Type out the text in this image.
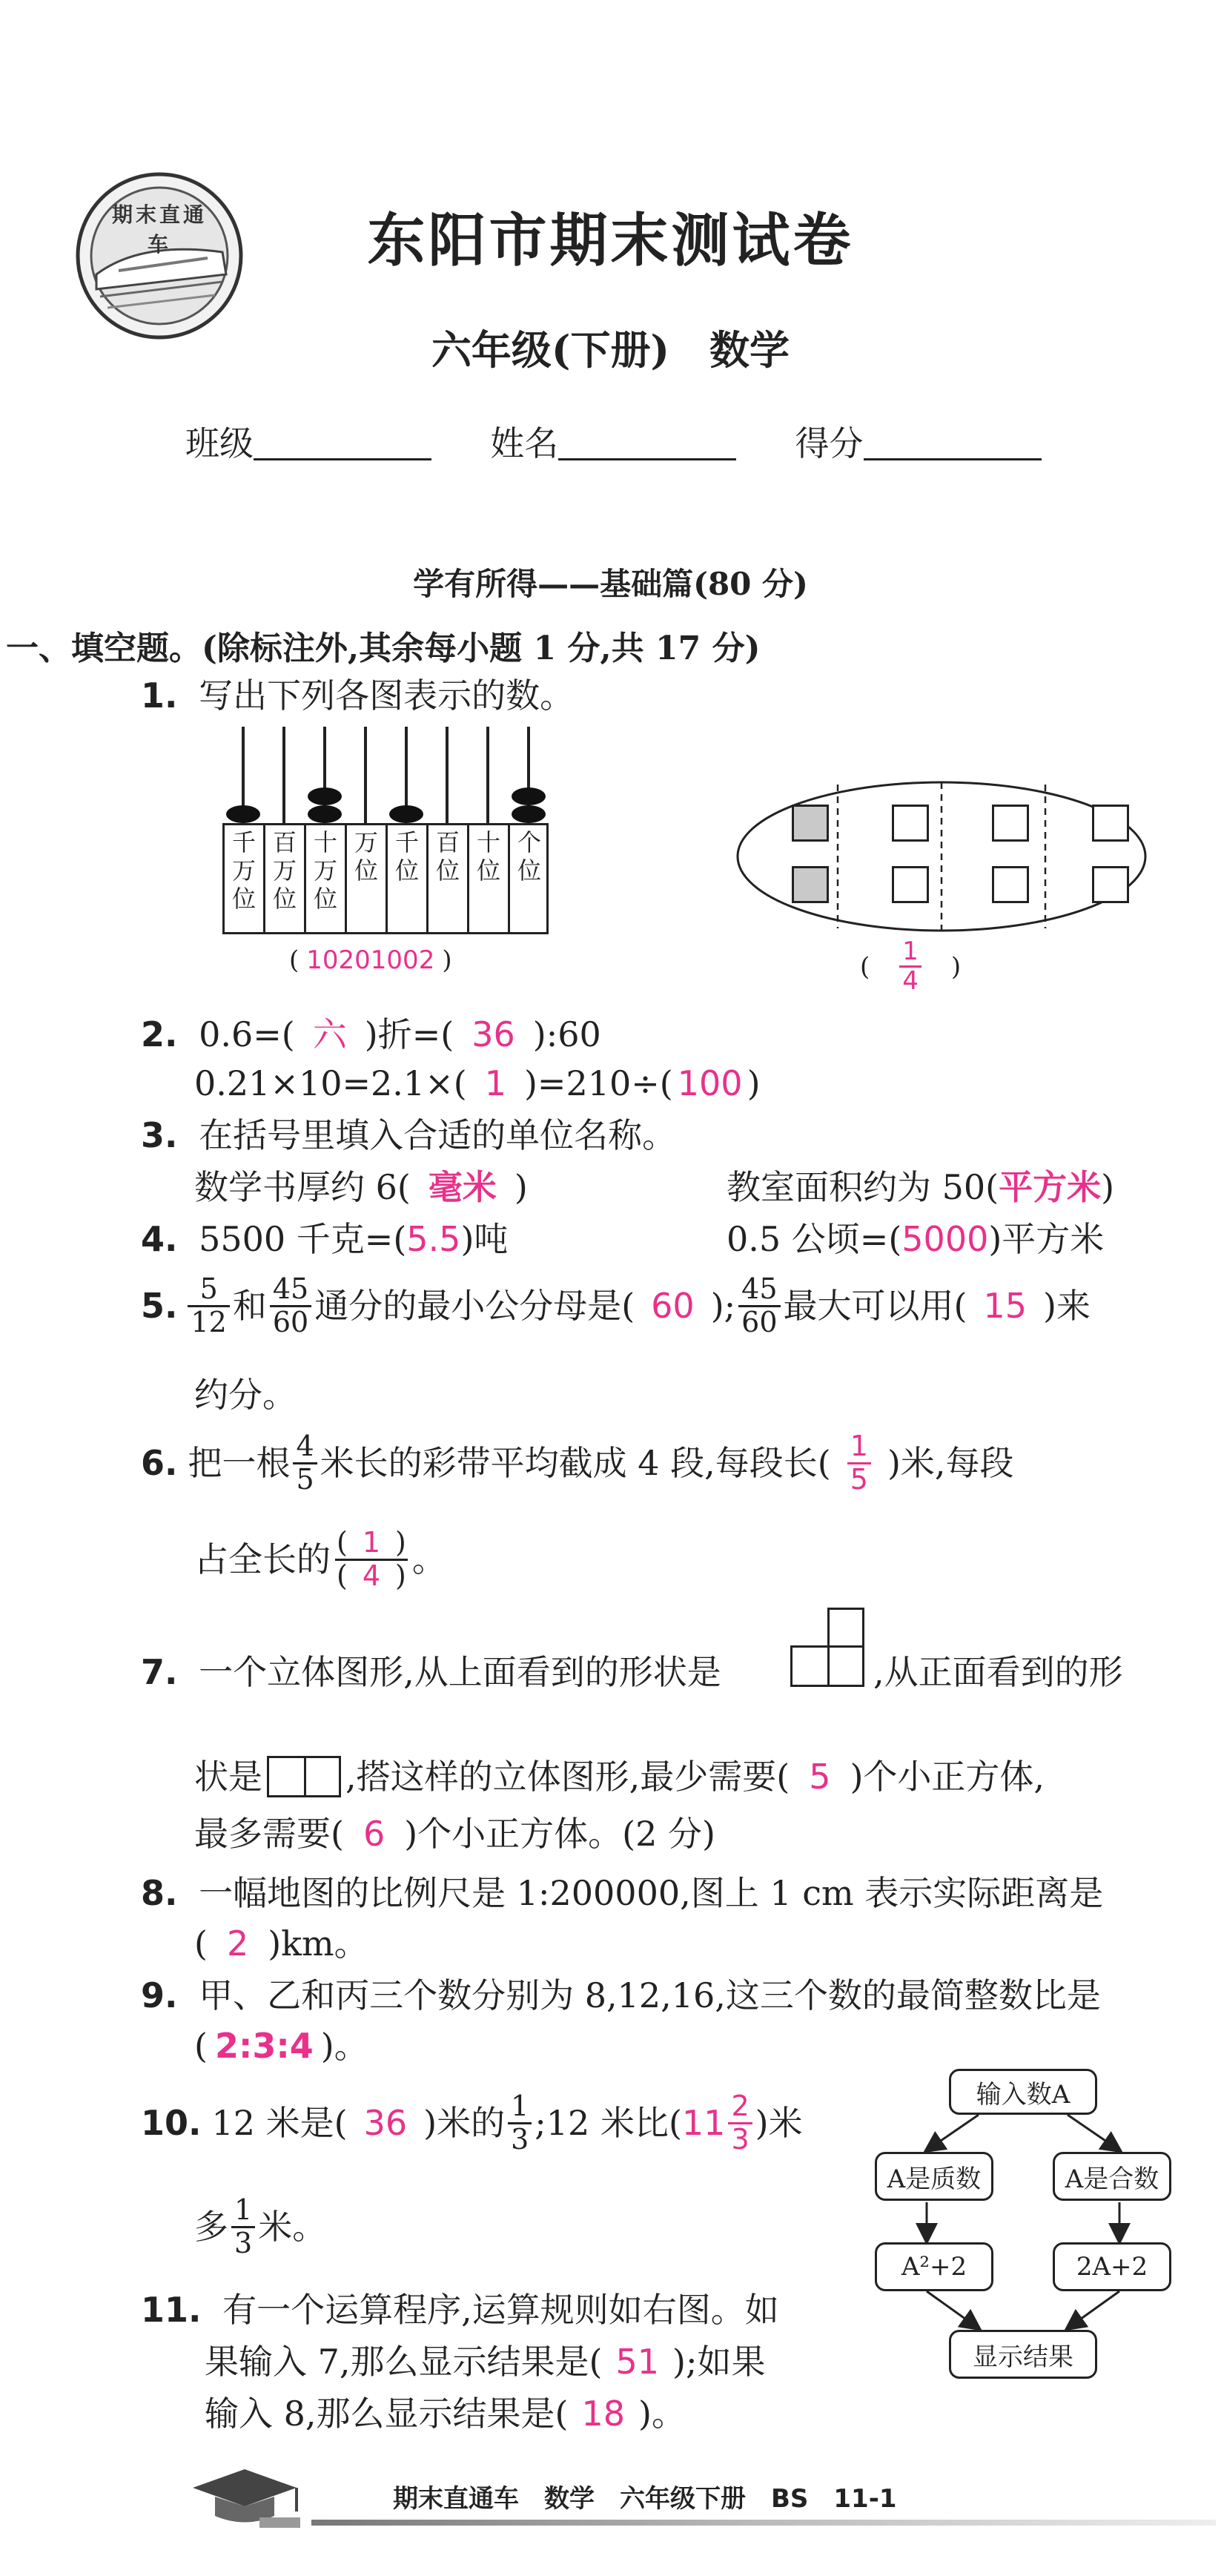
期末直通车	东阳市期末测试卷
六年级(下册)　数学
班级	姓名	得分
学有所得——基础篇(80 分)
一、填空题。(除标注外,其余每小题 1 分,共 17 分)
1. 写出下列各图表示的数。
千
万
位
百
万
位
十
万
位
万
位
千
位
百
位
十
位
个
位
( 10201002 )	( $\frac{1}{4}$ )
2. 0.6=( 六 )折=( 36 ):60
0.21×10=2.1×( 1 )=210÷( 100 )
3. 在括号里填入合适的单位名称。
数学书厚约 6( 毫米 )	教室面积约为 50(平方米)
4. 5500 千克=(5.5)吨	0.5 公顷=(5000)平方米
5. $\frac{5}{12}$ 和 $\frac{45}{60}$ 通分的最小公分母是( 60 ); $\frac{45}{60}$ 最大可以用( 15 )来
约分。
6. 把一根 $\frac{4}{5}$ 米长的彩带平均截成 4 段,每段长( $\frac{1}{5}$ )米,每段
占全长的 ( 1 )
( 4 ) 。
7. 一个立体图形,从上面看到的形状是	,从正面看到的形
状是 ,搭这样的立体图形,最少需要( 5 )个小正方体,
最多需要( 6 )个小正方体。(2 分)
8. 一幅地图的比例尺是 1:200000,图上 1 cm 表示实际距离是
( 2 )km。
9. 甲、乙和丙三个数分别为 8,12,16,这三个数的最简整数比是
( 2:3:4 )。
10. 12 米是( 36 )米的 $\frac{1}{3}$ ;12 米比( $11 \frac{2}{3}$ )米
多 $\frac{1}{3}$ 米。
11. 有一个运算程序,运算规则如右图。如
果输入 7,那么显示结果是( 51 );如果
输入 8,那么显示结果是( 18 )。
输入数A
A是质数	A是合数
A²+2	2A+2
显示结果
期末直通车　数学　六年级下册　BS　11-1
